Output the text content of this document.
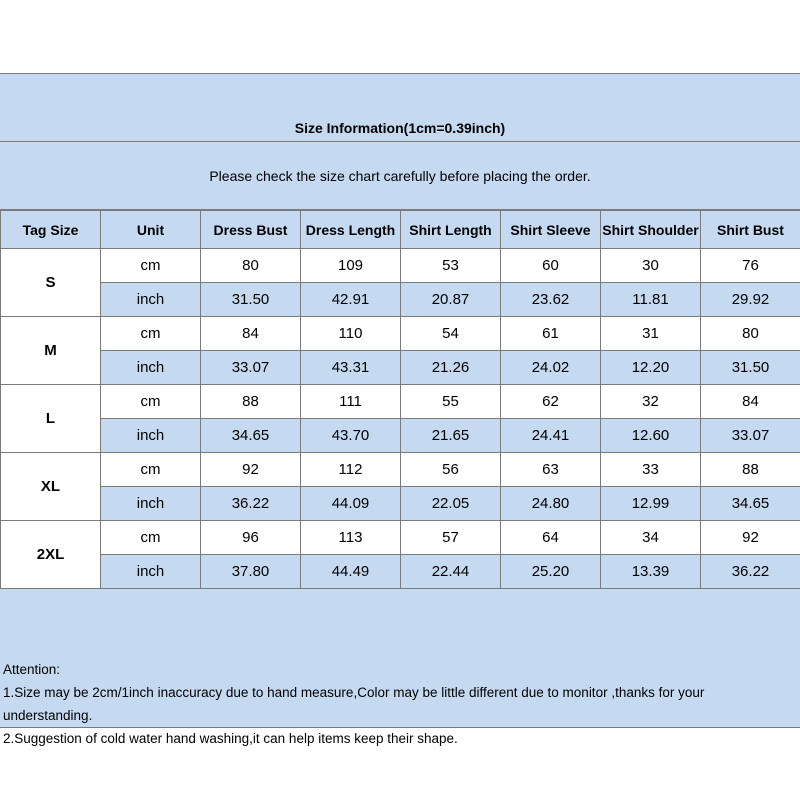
Size Information(1cm=0.39inch)
Please check the size chart carefully before placing the order.
Tag Size	Unit	Dress Bust	Dress Length	Shirt Length	Shirt Sleeve	Shirt Shoulder	Shirt Bust
S	cm	80	109	53	60	30	76
	inch	31.50	42.91	20.87	23.62	11.81	29.92
M	cm	84	110	54	61	31	80
	inch	33.07	43.31	21.26	24.02	12.20	31.50
L	cm	88	111	55	62	32	84
	inch	34.65	43.70	21.65	24.41	12.60	33.07
XL	cm	92	112	56	63	33	88
	inch	36.22	44.09	22.05	24.80	12.99	34.65
2XL	cm	96	113	57	64	34	92
	inch	37.80	44.49	22.44	25.20	13.39	36.22
Attention:
1.Size may be 2cm/1inch inaccuracy due to hand measure,Color may be little different due to monitor ,thanks for your understanding.
2.Suggestion of cold water hand washing,it can help items keep their shape.
